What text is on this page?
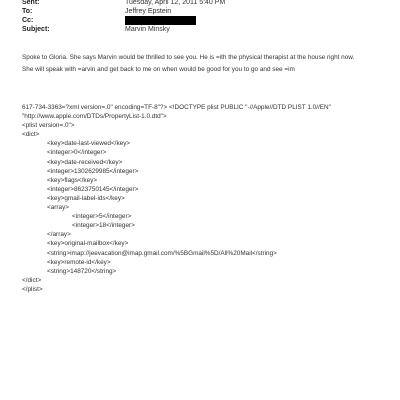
Sent:	Tuesday, April 12, 2011 5:40 PM
To:	Jeffrey Epstein
Cc:
Subject:	Marvin Minsky
Spoke to Gloria. She says Marvin would be thrilled to see you. He is =ith the physical therapist at the house right now.
She will speak with =arvin and get back to me on when would be good for you to go and see =im
617-734-3363=?xml version=.0" encoding=TF-8"?> <!DOCTYPE plist PUBLIC "-//Apple//DTD PLIST 1.0//EN"
"http://www.apple.com/DTDs/PropertyList-1.0.dtd">
<plist version=.0">
<dict>
<key>date-last-viewed</key>
<integer>0</integer>
<key>date-received</key>
<integer>1302629985</integer>
<key>flags</key>
<integer>8623750145</integer>
<key>gmail-label-ids</key>
<array>
<integer>5</integer>
<integer>18</integer>
</array>
<key>original-mailbox</key>
<string>imap://jeevacation@imap.gmail.com/%5BGmail%5D/All%20Mail</string>
<key>remote-id</key>
<string>148720</string>
</dict>
</plist>
